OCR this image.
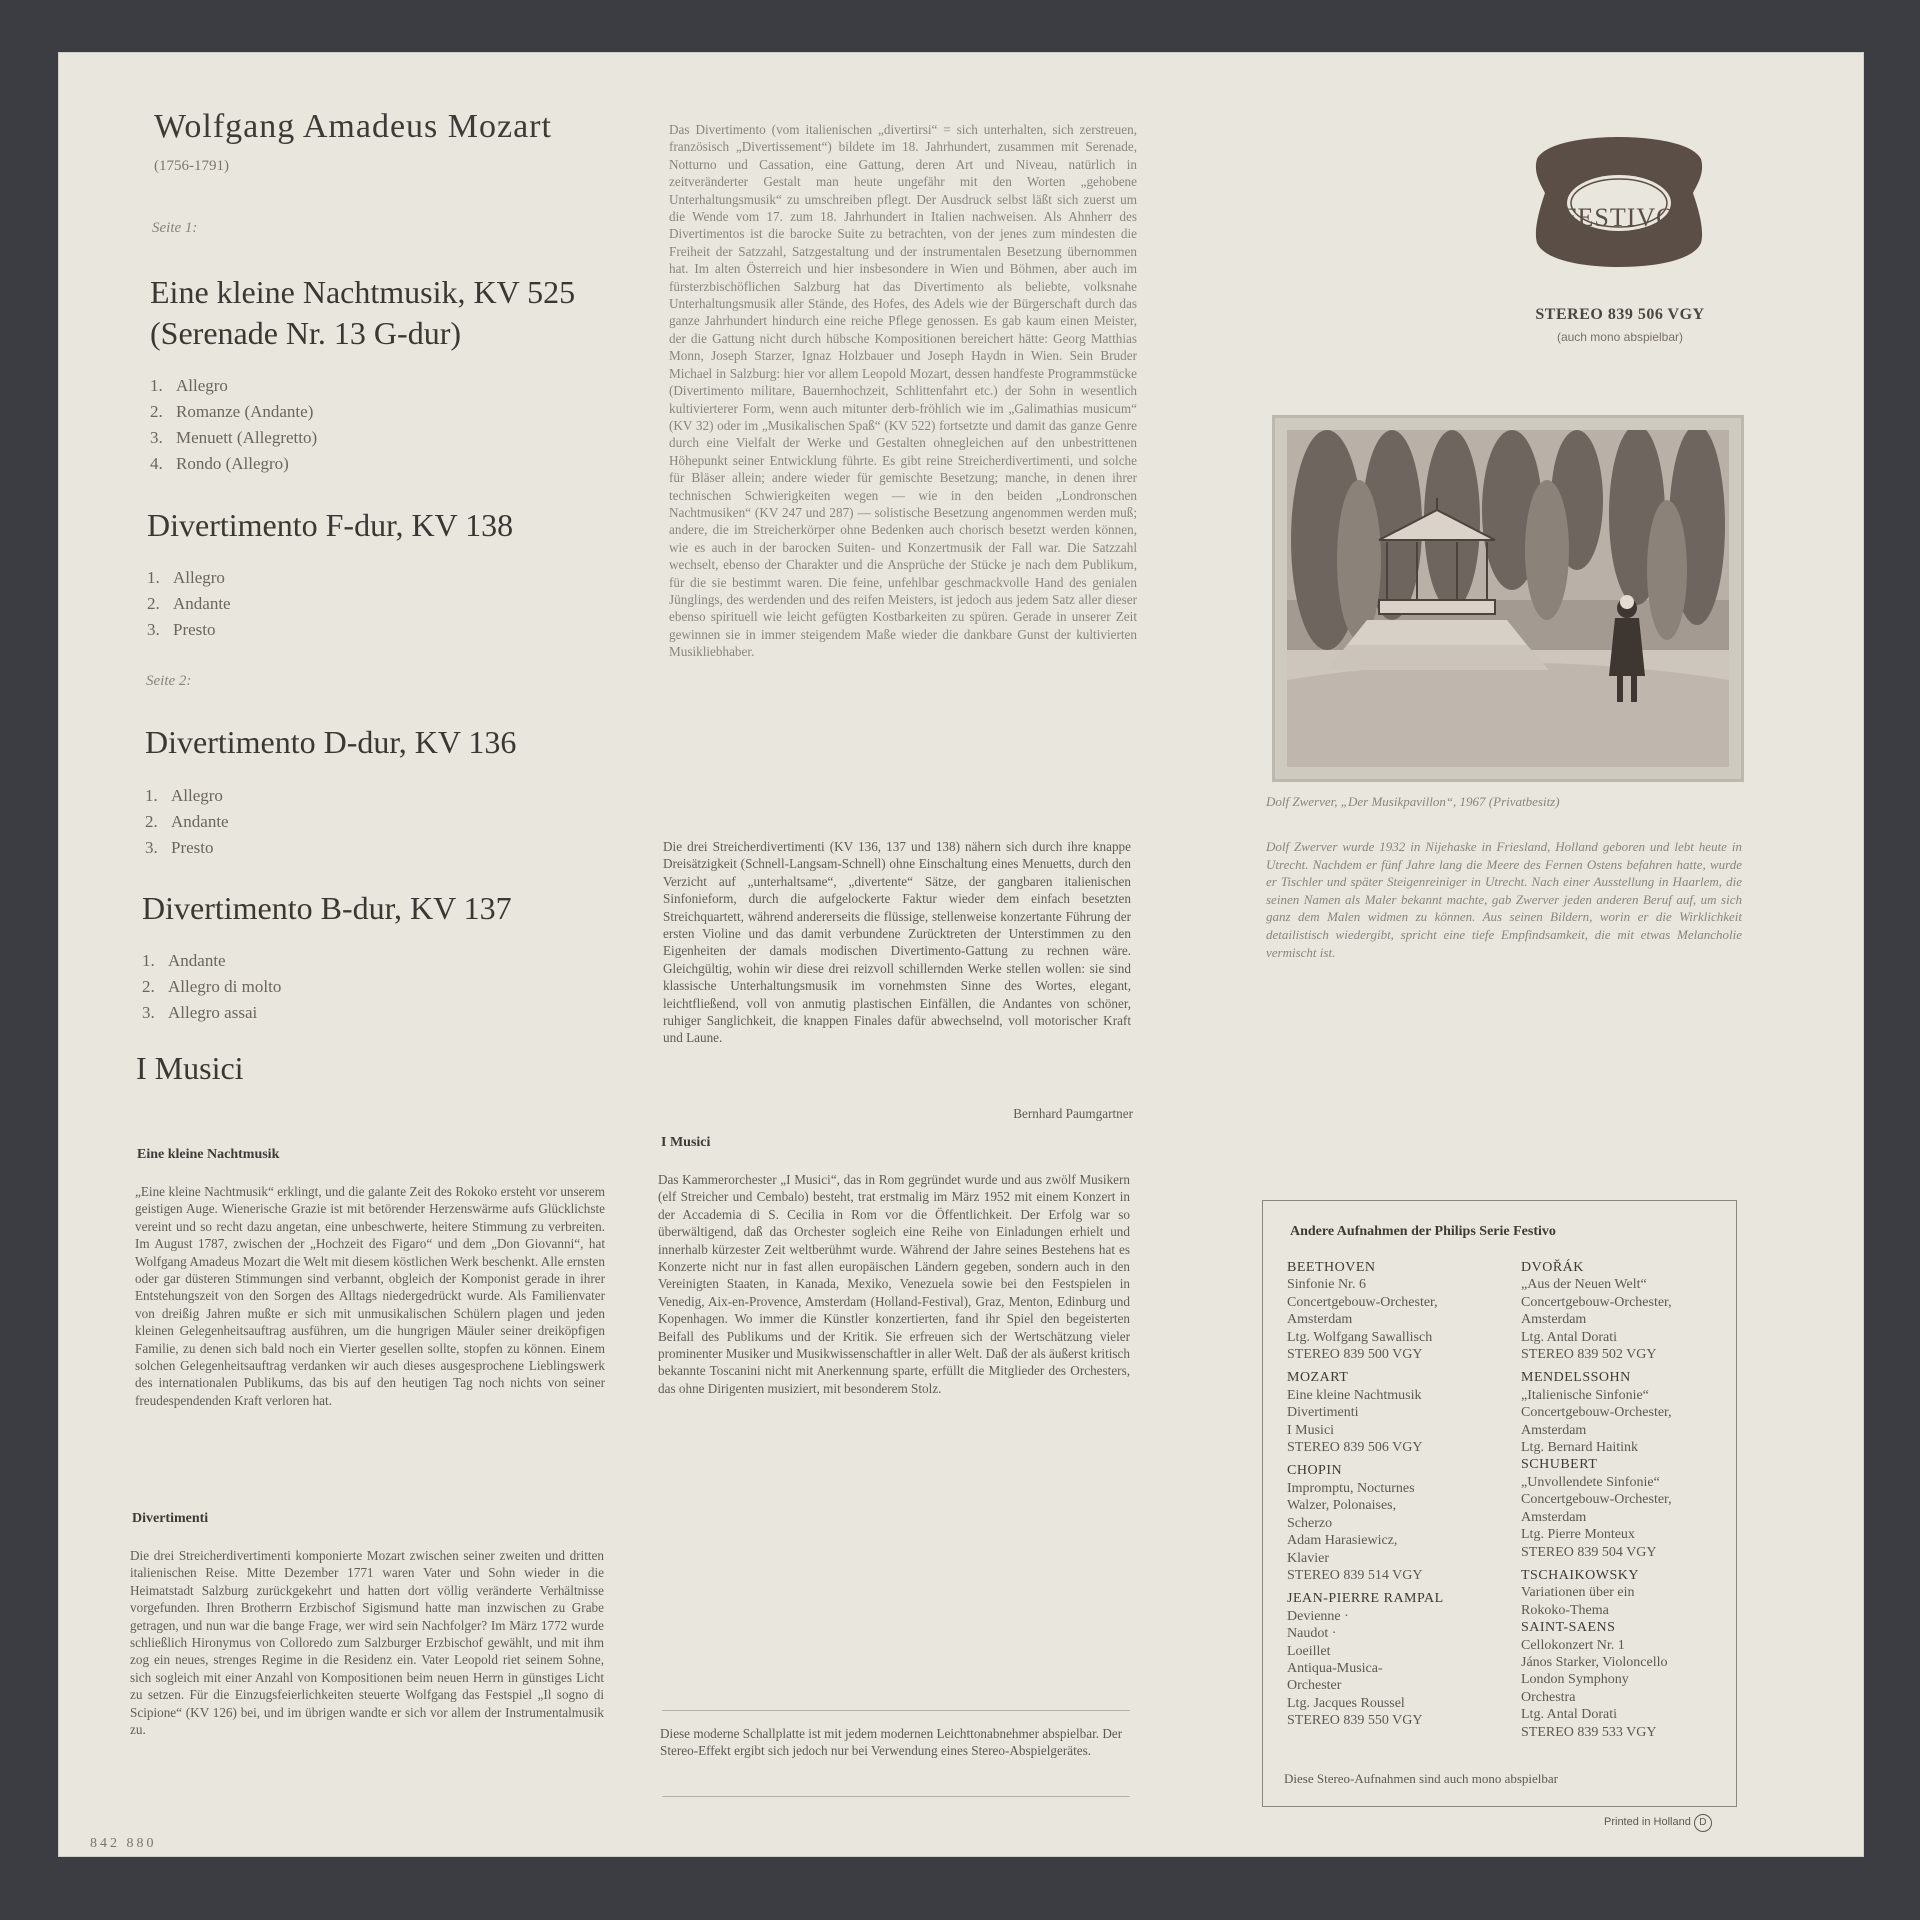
Wolfgang Amadeus Mozart
(1756-1791)
Seite 1:
Eine kleine Nachtmusik, KV 525
(Serenade Nr. 13 G-dur)
1. Allegro
2. Romanze (Andante)
3. Menuett (Allegretto)
4. Rondo (Allegro)
Divertimento F-dur, KV 138
1. Allegro
2. Andante
3. Presto
Seite 2:
Divertimento D-dur, KV 136
1. Allegro
2. Andante
3. Presto
Divertimento B-dur, KV 137
1. Andante
2. Allegro di molto
3. Allegro assai
I Musici
Eine kleine Nachtmusik
„Eine kleine Nachtmusik“ erklingt, und die galante Zeit des Rokoko ersteht vor unserem geistigen Auge. Wienerische Grazie ist mit betörender Herzenswärme aufs Glücklichste vereint und so recht dazu angetan, eine unbeschwerte, heitere Stimmung zu verbreiten. Im August 1787, zwischen der „Hochzeit des Figaro“ und dem „Don Giovanni“, hat Wolfgang Amadeus Mozart die Welt mit diesem köstlichen Werk beschenkt. Alle ernsten oder gar düsteren Stimmungen sind verbannt, obgleich der Komponist gerade in ihrer Entstehungszeit von den Sorgen des Alltags niedergedrückt wurde. Als Familienvater von dreißig Jahren mußte er sich mit unmusikalischen Schülern plagen und jeden kleinen Gelegenheitsauftrag ausführen, um die hungrigen Mäuler seiner dreiköpfigen Familie, zu denen sich bald noch ein Vierter gesellen sollte, stopfen zu können. Einem solchen Gelegenheitsauftrag verdanken wir auch dieses ausgesprochene Lieblingswerk des internationalen Publikums, das bis auf den heutigen Tag noch nichts von seiner freudespendenden Kraft verloren hat.
Divertimenti
Die drei Streicherdivertimenti komponierte Mozart zwischen seiner zweiten und dritten italienischen Reise. Mitte Dezember 1771 waren Vater und Sohn wieder in die Heimatstadt Salzburg zurückgekehrt und hatten dort völlig veränderte Verhältnisse vorgefunden. Ihren Brotherrn Erzbischof Sigismund hatte man inzwischen zu Grabe getragen, und nun war die bange Frage, wer wird sein Nachfolger? Im März 1772 wurde schließlich Hironymus von Colloredo zum Salzburger Erzbischof gewählt, und mit ihm zog ein neues, strenges Regime in die Residenz ein. Vater Leopold riet seinem Sohne, sich sogleich mit einer Anzahl von Kompositionen beim neuen Herrn in günstiges Licht zu setzen. Für die Einzugsfeierlichkeiten steuerte Wolfgang das Festspiel „Il sogno di Scipione“ (KV 126) bei, und im übrigen wandte er sich vor allem der Instrumentalmusik zu.
Das Divertimento (vom italienischen „divertirsi“ = sich unterhalten, sich zerstreuen, französisch „Divertissement“) bildete im 18. Jahrhundert, zusammen mit Serenade, Notturno und Cassation, eine Gattung, deren Art und Niveau, natürlich in zeitveränderter Gestalt man heute ungefähr mit den Worten „gehobene Unterhaltungsmusik“ zu umschreiben pflegt. Der Ausdruck selbst läßt sich zuerst um die Wende vom 17. zum 18. Jahrhundert in Italien nachweisen. Als Ahnherr des Divertimentos ist die barocke Suite zu betrachten, von der jenes zum mindesten die Freiheit der Satzzahl, Satzgestaltung und der instrumentalen Besetzung übernommen hat. Im alten Österreich und hier insbesondere in Wien und Böhmen, aber auch im fürsterzbischöflichen Salzburg hat das Divertimento als beliebte, volksnahe Unterhaltungsmusik aller Stände, des Hofes, des Adels wie der Bürgerschaft durch das ganze Jahrhundert hindurch eine reiche Pflege genossen. Es gab kaum einen Meister, der die Gattung nicht durch hübsche Kompositionen bereichert hätte: Georg Matthias Monn, Joseph Starzer, Ignaz Holzbauer und Joseph Haydn in Wien. Sein Bruder Michael in Salzburg: hier vor allem Leopold Mozart, dessen handfeste Programmstücke (Divertimento militare, Bauernhochzeit, Schlittenfahrt etc.) der Sohn in wesentlich kultivierterer Form, wenn auch mitunter derb-fröhlich wie im „Galimathias musicum“ (KV 32) oder im „Musikalischen Spaß“ (KV 522) fortsetzte und damit das ganze Genre durch eine Vielfalt der Werke und Gestalten ohnegleichen auf den unbestrittenen Höhepunkt seiner Entwicklung führte. Es gibt reine Streicherdivertimenti, und solche für Bläser allein; andere wieder für gemischte Besetzung; manche, in denen ihrer technischen Schwierigkeiten wegen — wie in den beiden „Londronschen Nachtmusiken“ (KV 247 und 287) — solistische Besetzung angenommen werden muß; andere, die im Streicherkörper ohne Bedenken auch chorisch besetzt werden können, wie es auch in der barocken Suiten- und Konzertmusik der Fall war. Die Satzzahl wechselt, ebenso der Charakter und die Ansprüche der Stücke je nach dem Publikum, für die sie bestimmt waren. Die feine, unfehlbar geschmackvolle Hand des genialen Jünglings, des werdenden und des reifen Meisters, ist jedoch aus jedem Satz aller dieser ebenso spirituell wie leicht gefügten Kostbarkeiten zu spüren. Gerade in unserer Zeit gewinnen sie in immer steigendem Maße wieder die dankbare Gunst der kultivierten Musikliebhaber.
Die drei Streicherdivertimenti (KV 136, 137 und 138) nähern sich durch ihre knappe Dreisätzigkeit (Schnell-Langsam-Schnell) ohne Einschaltung eines Menuetts, durch den Verzicht auf „unterhaltsame“, „divertente“ Sätze, der gangbaren italienischen Sinfonieform, durch die aufgelockerte Faktur wieder dem einfach besetzten Streichquartett, während andererseits die flüssige, stellenweise konzertante Führung der ersten Violine und das damit verbundene Zurücktreten der Unterstimmen zu den Eigenheiten der damals modischen Divertimento-Gattung zu rechnen wäre. Gleichgültig, wohin wir diese drei reizvoll schillernden Werke stellen wollen: sie sind klassische Unterhaltungsmusik im vornehmsten Sinne des Wortes, elegant, leichtfließend, voll von anmutig plastischen Einfällen, die Andantes von schöner, ruhiger Sanglichkeit, die knappen Finales dafür abwechselnd, voll motorischer Kraft und Laune.
Bernhard Paumgartner
I Musici
Das Kammerorchester „I Musici“, das in Rom gegründet wurde und aus zwölf Musikern (elf Streicher und Cembalo) besteht, trat erstmalig im März 1952 mit einem Konzert in der Accademia di S. Cecilia in Rom vor die Öffentlichkeit. Der Erfolg war so überwältigend, daß das Orchester sogleich eine Reihe von Einladungen erhielt und innerhalb kürzester Zeit weltberühmt wurde. Während der Jahre seines Bestehens hat es Konzerte nicht nur in fast allen europäischen Ländern gegeben, sondern auch in den Vereinigten Staaten, in Kanada, Mexiko, Venezuela sowie bei den Festspielen in Venedig, Aix-en-Provence, Amsterdam (Holland-Festival), Graz, Menton, Edinburg und Kopenhagen. Wo immer die Künstler konzertierten, fand ihr Spiel den begeisterten Beifall des Publikums und der Kritik. Sie erfreuen sich der Wertschätzung vieler prominenter Musiker und Musikwissenschaftler in aller Welt. Daß der als äußerst kritisch bekannte Toscanini nicht mit Anerkennung sparte, erfüllt die Mitglieder des Orchesters, das ohne Dirigenten musiziert, mit besonderem Stolz.
Diese moderne Schallplatte ist mit jedem modernen Leichttonabnehmer abspielbar. Der Stereo-Effekt ergibt sich jedoch nur bei Verwendung eines Stereo-Abspielgerätes.
FESTIVO
STEREO 839 506 VGY
(auch mono abspielbar)
Dolf Zwerver, „Der Musikpavillon“, 1967 (Privatbesitz)
Dolf Zwerver wurde 1932 in Nijehaske in Friesland, Holland geboren und lebt heute in Utrecht. Nachdem er fünf Jahre lang die Meere des Fernen Ostens befahren hatte, wurde er Tischler und später Steigenreiniger in Utrecht. Nach einer Ausstellung in Haarlem, die seinen Namen als Maler bekannt machte, gab Zwerver jeden anderen Beruf auf, um sich ganz dem Malen widmen zu können. Aus seinen Bildern, worin er die Wirklichkeit detailistisch wiedergibt, spricht eine tiefe Empfindsamkeit, die mit etwas Melancholie vermischt ist.
Andere Aufnahmen der Philips Serie Festivo
BEETHOVEN
Sinfonie Nr. 6
Concertgebouw-Orchester,
Amsterdam
Ltg. Wolfgang Sawallisch
STEREO 839 500 VGY
MOZART
Eine kleine Nachtmusik
Divertimenti
I Musici
STEREO 839 506 VGY
CHOPIN
Impromptu, Nocturnes
Walzer, Polonaises,
Scherzo
Adam Harasiewicz,
Klavier
STEREO 839 514 VGY
JEAN-PIERRE RAMPAL
Devienne ·
Naudot ·
Loeillet
Antiqua-Musica-
Orchester
Ltg. Jacques Roussel
STEREO 839 550 VGY
DVOŘÁK
„Aus der Neuen Welt“
Concertgebouw-Orchester,
Amsterdam
Ltg. Antal Dorati
STEREO 839 502 VGY
MENDELSSOHN
„Italienische Sinfonie“
Concertgebouw-Orchester,
Amsterdam
Ltg. Bernard Haitink
SCHUBERT
„Unvollendete Sinfonie“
Concertgebouw-Orchester,
Amsterdam
Ltg. Pierre Monteux
STEREO 839 504 VGY
TSCHAIKOWSKY
Variationen über ein
Rokoko-Thema
SAINT-SAENS
Cellokonzert Nr. 1
János Starker, Violoncello
London Symphony
Orchestra
Ltg. Antal Dorati
STEREO 839 533 VGY
Diese Stereo-Aufnahmen sind auch mono abspielbar
Printed in Holland D
842 880
